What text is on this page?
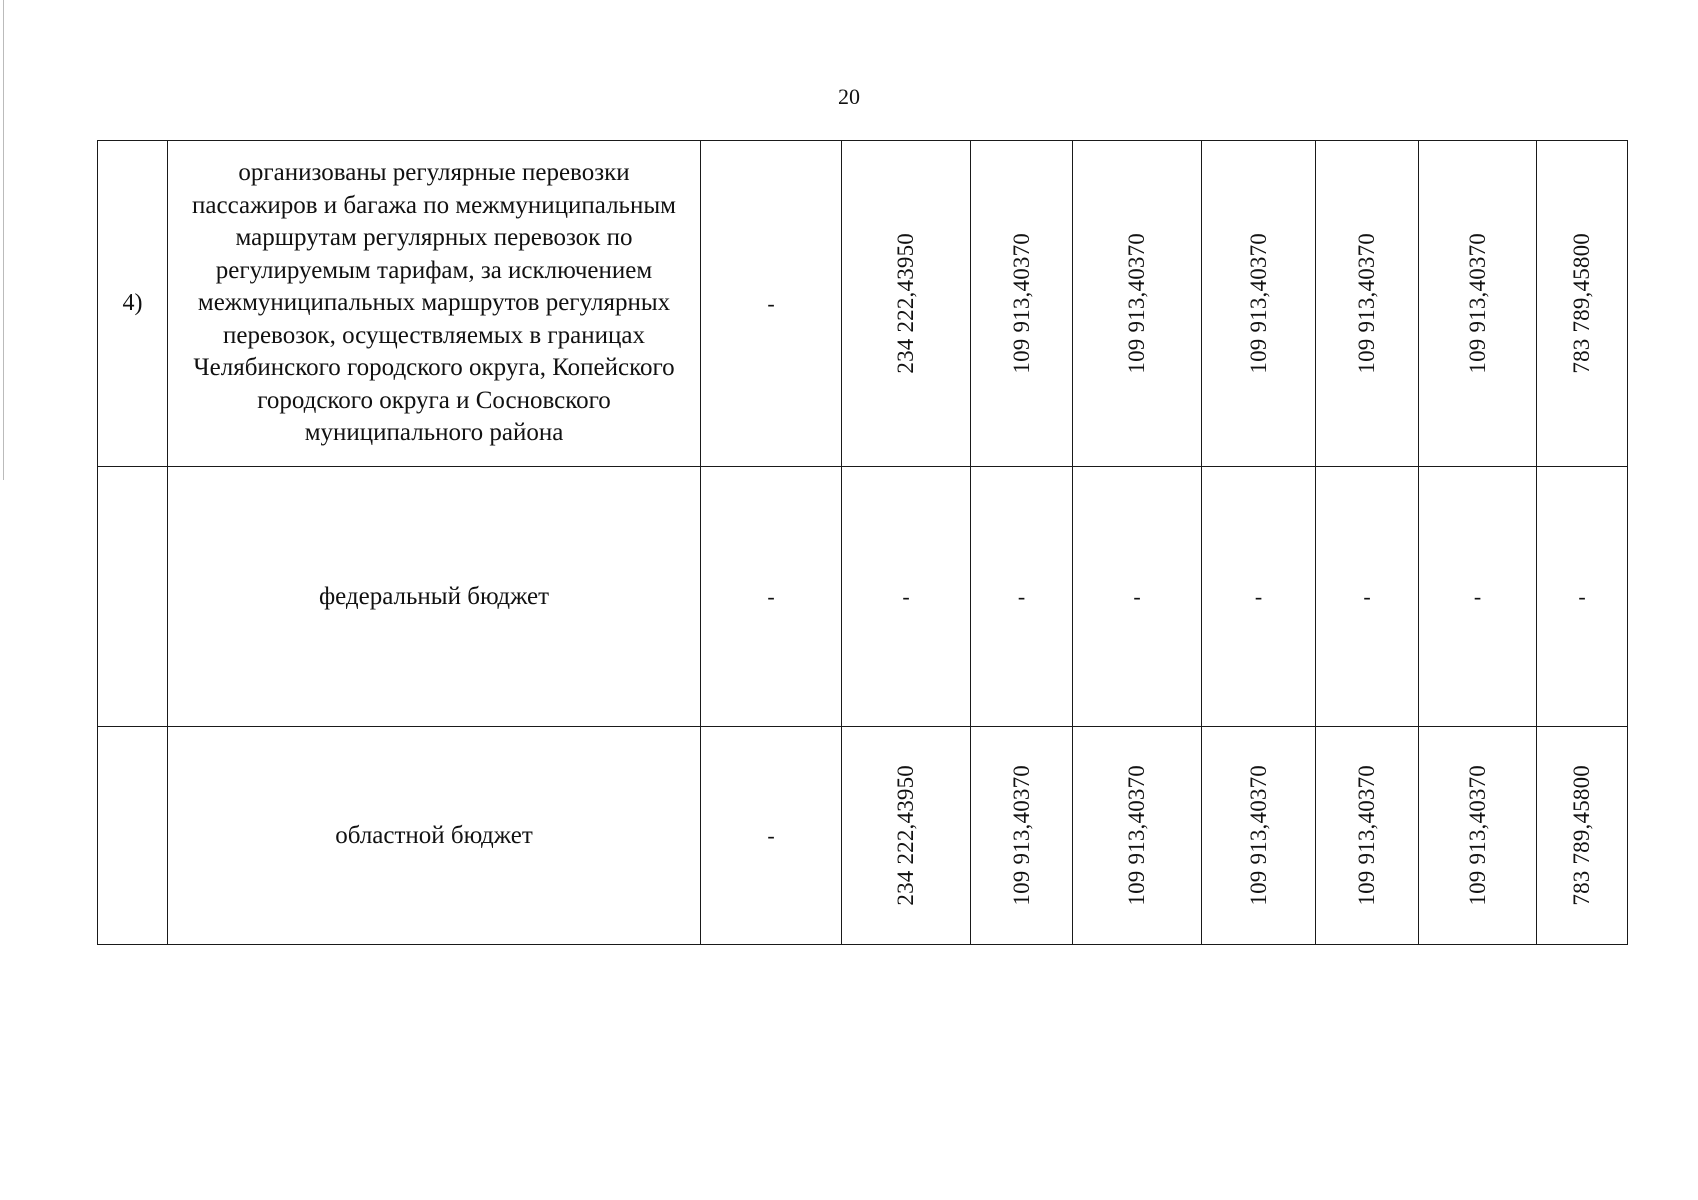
20
4)	организованы регулярные перевозки пассажиров и багажа по межмуниципальным маршрутам регулярных перевозок по регулируемым тарифам, за исключением межмуниципальных маршрутов регулярных перевозок, осуществляемых в границах Челябинского городского округа, Копейского городского округа и Сосновского муниципального района	-	234 222,43950	109 913,40370	109 913,40370	109 913,40370	109 913,40370	109 913,40370	783 789,45800

	федеральный бюджет	-	-	-	-	-	-	-	-
	областной бюджет	-	234 222,43950	109 913,40370	109 913,40370	109 913,40370	109 913,40370	109 913,40370	783 789,45800
